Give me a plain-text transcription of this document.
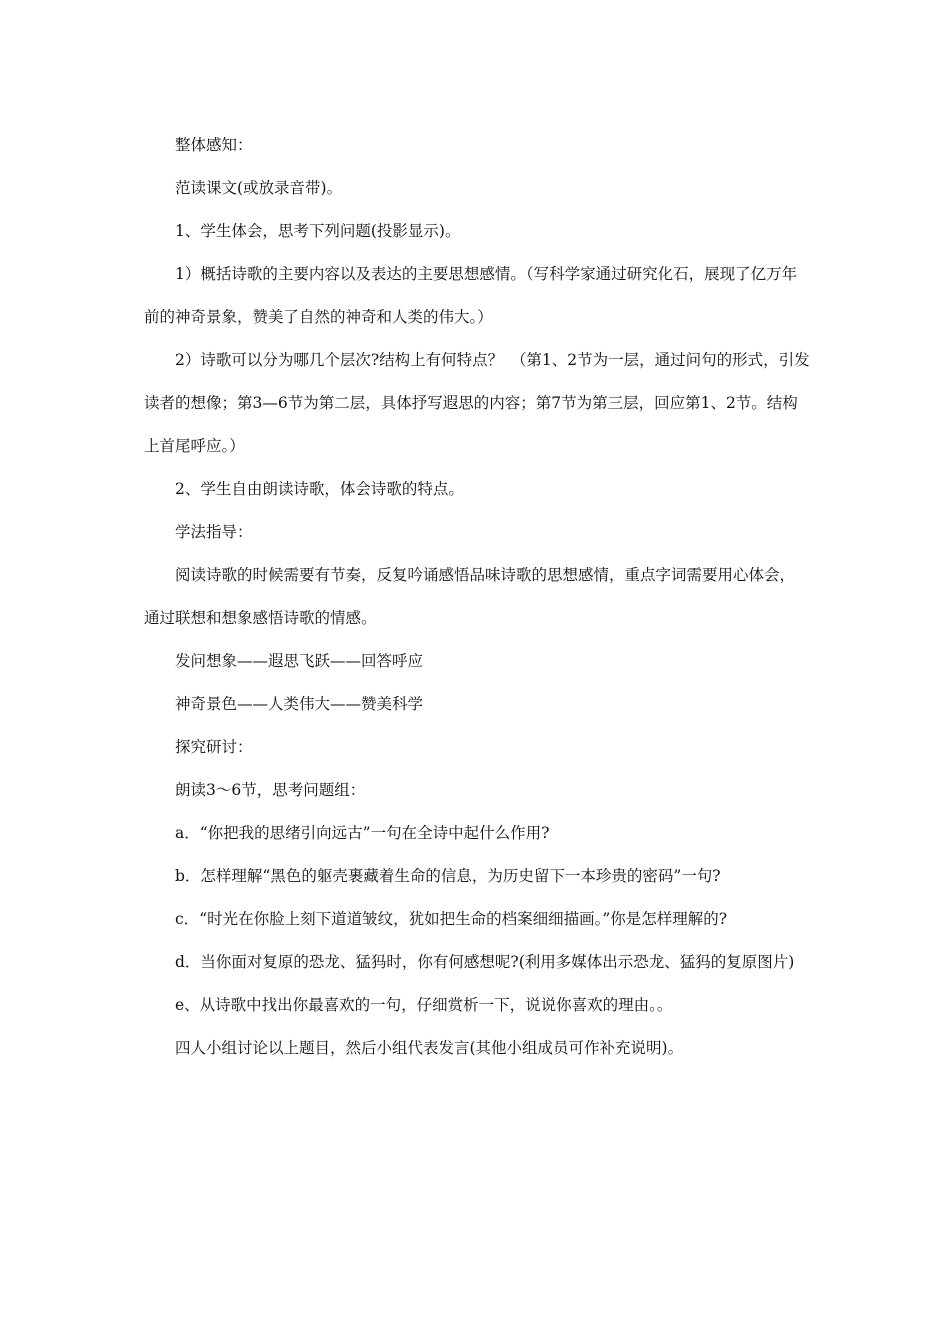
整体感知：

范读课文(或放录音带)。

1、学生体会，思考下列问题(投影显示)。

1）概括诗歌的主要内容以及表达的主要思想感情。（写科学家通过研究化石，展现了亿万年前的神奇景象，赞美了自然的神奇和人类的伟大。）

2）诗歌可以分为哪几个层次?结构上有何特点？　（第1、2节为一层，通过问句的形式，引发读者的想像；第3—6节为第二层，具体抒写遐思的内容；第7节为第三层，回应第1、2节。结构上首尾呼应。）

2、学生自由朗读诗歌，体会诗歌的特点。

学法指导：

阅读诗歌的时候需要有节奏，反复吟诵感悟品味诗歌的思想感情，重点字词需要用心体会，通过联想和想象感悟诗歌的情感。

发问想象——遐思飞跃——回答呼应

神奇景色——人类伟大——赞美科学

探究研讨：

朗读3～6节，思考问题组：

a．“你把我的思绪引向远古”一句在全诗中起什么作用?

b．怎样理解“黑色的躯壳裹藏着生命的信息，为历史留下一本珍贵的密码”一句?

c．“时光在你脸上刻下道道皱纹，犹如把生命的档案细细描画。”你是怎样理解的?

d．当你面对复原的恐龙、猛犸时，你有何感想呢?(利用多媒体出示恐龙、猛犸的复原图片)

e、从诗歌中找出你最喜欢的一句，仔细赏析一下，说说你喜欢的理由。。

四人小组讨论以上题目，然后小组代表发言(其他小组成员可作补充说明)。
